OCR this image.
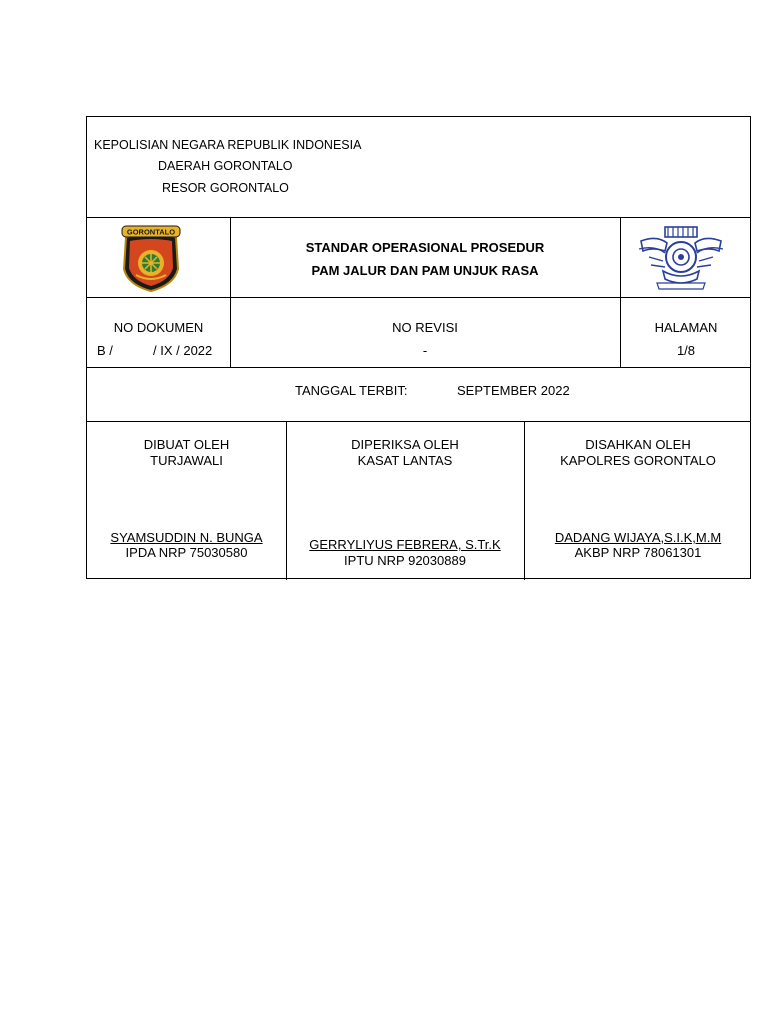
KEPOLISIAN NEGARA REPUBLIK INDONESIA
DAERAH GORONTALO
RESOR GORONTALO
GORONTALO
STANDAR OPERASIONAL PROSEDUR
PAM JALUR DAN PAM UNJUK RASA
NO DOKUMEN
B /	/ IX / 2022
NO REVISI
-
HALAMAN
1/8
TANGGAL TERBIT:	SEPTEMBER 2022
DIBUAT OLEH
TURJAWALI
SYAMSUDDIN N. BUNGA
IPDA NRP 75030580
DIPERIKSA OLEH
KASAT LANTAS
GERRYLIYUS FEBRERA, S.Tr.K
IPTU NRP 92030889
DISAHKAN OLEH
KAPOLRES GORONTALO
DADANG WIJAYA,S.I.K,M.M
AKBP NRP 78061301
